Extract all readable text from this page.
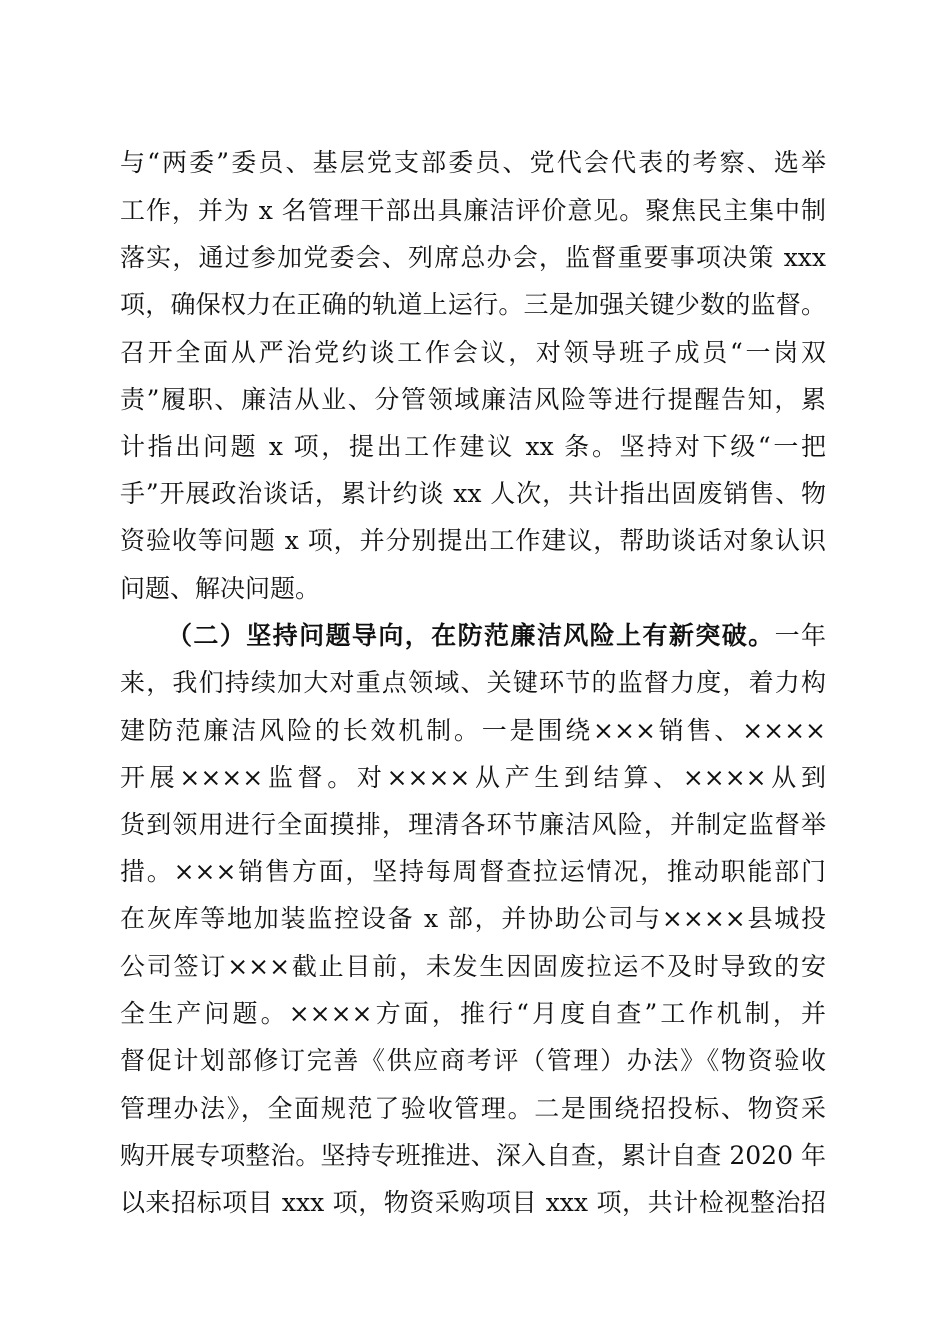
与“两委”委员、基层党支部委员、党代会代表的考察、选举
工作，并为 x 名管理干部出具廉洁评价意见。聚焦民主集中制
落实，通过参加党委会、列席总办会，监督重要事项决策 xxx
项，确保权力在正确的轨道上运行。三是加强关键少数的监督。
召开全面从严治党约谈工作会议，对领导班子成员“一岗双
责”履职、廉洁从业、分管领域廉洁风险等进行提醒告知，累
计指出问题 x 项，提出工作建议 xx 条。坚持对下级“一把
手”开展政治谈话，累计约谈 xx 人次，共计指出固废销售、物
资验收等问题 x 项，并分别提出工作建议，帮助谈话对象认识
问题、解决问题。
（二）坚持问题导向，在防范廉洁风险上有新突破。一年
来，我们持续加大对重点领域、关键环节的监督力度，着力构
建防范廉洁风险的长效机制。一是围绕×××销售、××××
开展××××监督。对××××从产生到结算、××××从到
货到领用进行全面摸排，理清各环节廉洁风险，并制定监督举
措。×××销售方面，坚持每周督查拉运情况，推动职能部门
在灰库等地加装监控设备 x 部，并协助公司与××××县城投
公司签订×××截止目前，未发生因固废拉运不及时导致的安
全生产问题。××××方面，推行“月度自查”工作机制，并
督促计划部修订完善《供应商考评（管理）办法》《物资验收
管理办法》，全面规范了验收管理。二是围绕招投标、物资采
购开展专项整治。坚持专班推进、深入自查，累计自查 2020 年
以来招标项目 xxx 项，物资采购项目 xxx 项，共计检视整治招
